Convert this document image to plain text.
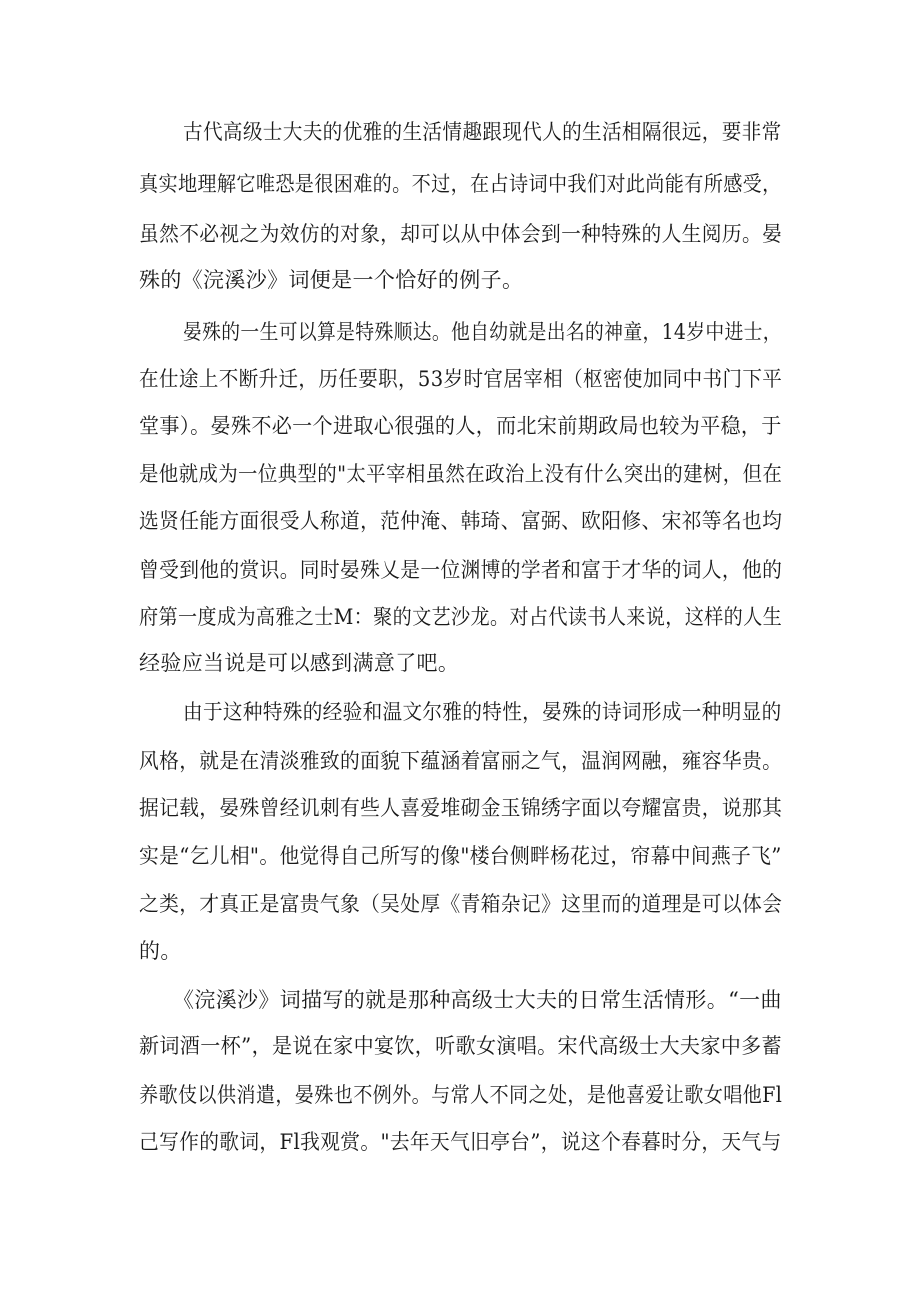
古代高级士大夫的优雅的生活情趣跟现代人的生活相隔很远，要非常

真实地理解它唯恐是很困难的。不过，在占诗词中我们对此尚能有所感受，

虽然不必视之为效仿的对象，却可以从中体会到一种特殊的人生阅历。晏

殊的《浣溪沙》词便是一个恰好的例子。

晏殊的一生可以算是特殊顺达。他自幼就是出名的神童，14岁中进士，

在仕途上不断升迁，历任要职，53岁时官居宰相（枢密使加同中书门下平

堂事）。晏殊不必一个进取心很强的人，而北宋前期政局也较为平稳，于

是他就成为一位典型的"太平宰相虽然在政治上没有什么突出的建树，但在

选贤任能方面很受人称道，范仲淹、韩琦、富弼、欧阳修、宋祁等名也均

曾受到他的赏识。同时晏殊乂是一位渊博的学者和富于才华的词人，他的

府第一度成为高雅之士M：聚的文艺沙龙。对占代读书人来说，这样的人生

经验应当说是可以感到满意了吧。

由于这种特殊的经验和温文尔雅的特性，晏殊的诗词形成一种明显的

风格，就是在清淡雅致的面貌下蕴涵着富丽之气，温润网融，雍容华贵。

据记载，晏殊曾经讥刺有些人喜爱堆砌金玉锦绣字面以夸耀富贵，说那其

实是“乞儿相"。他觉得自己所写的像"楼台侧畔杨花过，帘幕中间燕子飞”

之类，才真正是富贵气象（吴处厚《青箱杂记》这里而的道理是可以体会

的。

《浣溪沙》词描写的就是那种高级士大夫的日常生活情形。“一曲

新词酒一杯”，是说在家中宴饮，听歌女演唱。宋代高级士大夫家中多蓄

养歌伎以供消遣，晏殊也不例外。与常人不同之处，是他喜爱让歌女唱他Fl

己写作的歌词，Fl我观赏。"去年天气旧亭台”，说这个春暮时分，天气与
